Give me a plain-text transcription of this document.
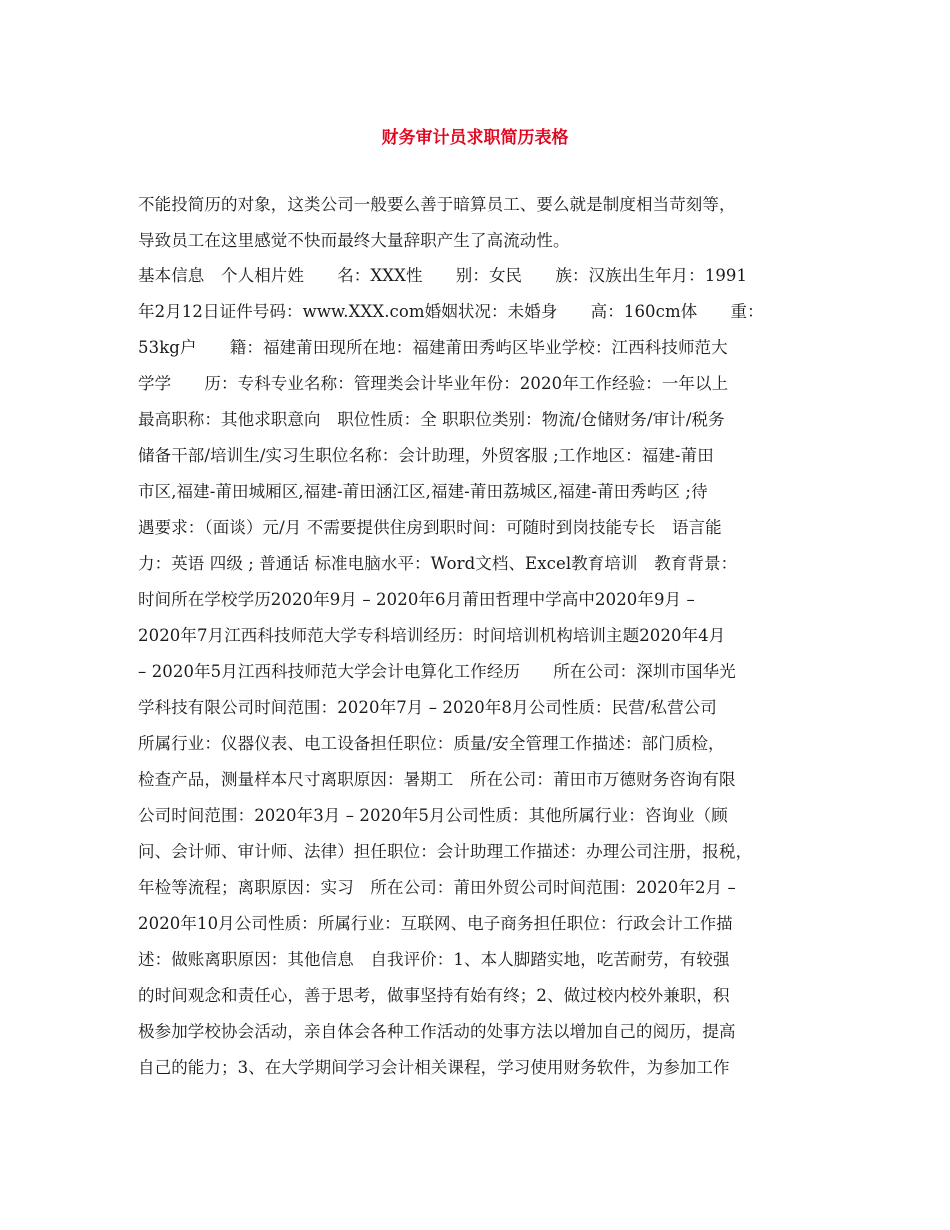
财务审计员求职简历表格
不能投简历的对象，这类公司一般要么善于暗算员工、要么就是制度相当苛刻等，
导致员工在这里感觉不快而最终大量辞职产生了高流动性。
基本信息　个人相片姓　　名：XXX性　　别：女民　　族：汉族出生年月：1991
年2月12日证件号码：www.XXX.com婚姻状况：未婚身　　高：160cm体　　重：
53kg户　　籍：福建莆田现所在地：福建莆田秀屿区毕业学校：江西科技师范大
学学　　历：专科专业名称：管理类会计毕业年份：2020年工作经验：一年以上
最高职称：其他求职意向　职位性质：全 职职位类别：物流/仓储财务/审计/税务
储备干部/培训生/实习生职位名称：会计助理，外贸客服 ;工作地区：福建-莆田
市区,福建-莆田城厢区,福建-莆田涵江区,福建-莆田荔城区,福建-莆田秀屿区 ;待
遇要求：（面谈）元/月 不需要提供住房到职时间：可随时到岗技能专长　语言能
力：英语 四级 ; 普通话 标准电脑水平：Word文档、Excel教育培训　教育背景：
时间所在学校学历2020年9月 – 2020年6月莆田哲理中学高中2020年9月 –
2020年7月江西科技师范大学专科培训经历：时间培训机构培训主题2020年4月
– 2020年5月江西科技师范大学会计电算化工作经历　　所在公司：深圳市国华光
学科技有限公司时间范围：2020年7月 – 2020年8月公司性质：民营/私营公司
所属行业：仪器仪表、电工设备担任职位：质量/安全管理工作描述：部门质检，
检查产品，测量样本尺寸离职原因：暑期工　所在公司：莆田市万德财务咨询有限
公司时间范围：2020年3月 – 2020年5月公司性质：其他所属行业：咨询业（顾
问、会计师、审计师、法律）担任职位：会计助理工作描述：办理公司注册，报税，
年检等流程；离职原因：实习　所在公司：莆田外贸公司时间范围：2020年2月 –
2020年10月公司性质：所属行业：互联网、电子商务担任职位：行政会计工作描
述：做账离职原因：其他信息　自我评价：1、本人脚踏实地，吃苦耐劳，有较强
的时间观念和责任心，善于思考，做事坚持有始有终；2、做过校内校外兼职，积
极参加学校协会活动，亲自体会各种工作活动的处事方法以增加自己的阅历，提高
自己的能力；3、在大学期间学习会计相关课程，学习使用财务软件，为参加工作
